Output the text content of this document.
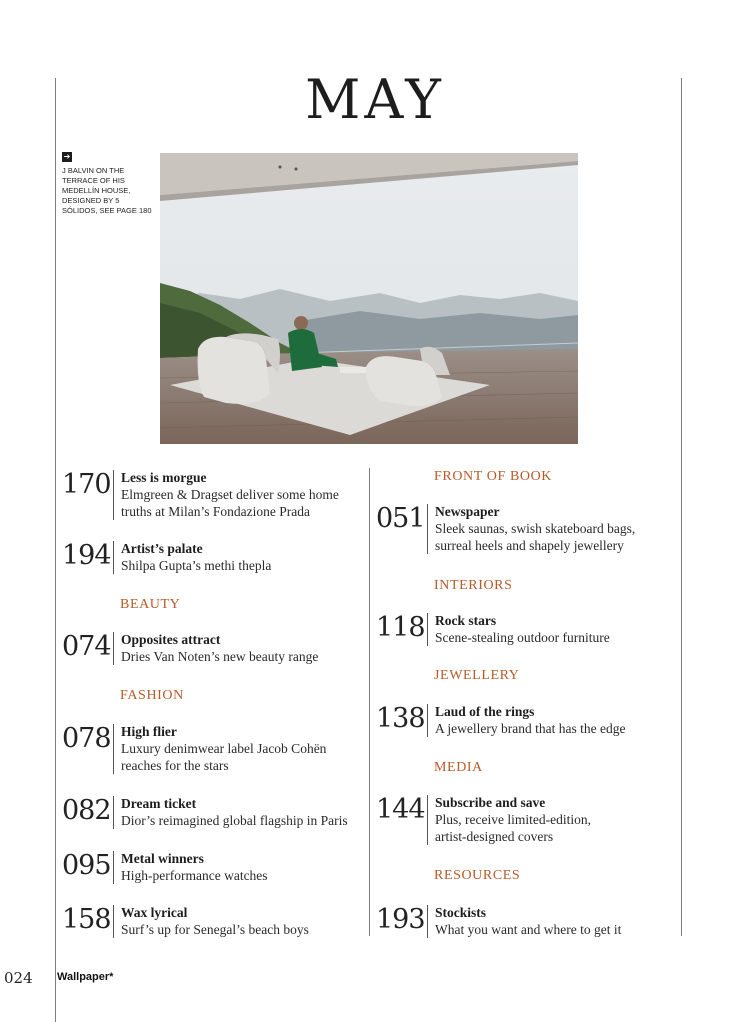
MAY
➔
J BALVIN ON THE TERRACE OF HIS MEDELLÍN HOUSE, DESIGNED BY 5 SÓLIDOS, SEE PAGE 180
170 Less is morgue
Elmgreen & Dragset deliver some home
truths at Milan’s Fondazione Prada
194 Artist’s palate
Shilpa Gupta’s methi thepla
BEAUTY
074 Opposites attract
Dries Van Noten’s new beauty range
FASHION
078 High flier
Luxury denimwear label Jacob Cohën
reaches for the stars
082 Dream ticket
Dior’s reimagined global flagship in Paris
095 Metal winners
High-performance watches
158 Wax lyrical
Surf’s up for Senegal’s beach boys
FRONT OF BOOK
051 Newspaper
Sleek saunas, swish skateboard bags,
surreal heels and shapely jewellery
INTERIORS
118 Rock stars
Scene-stealing outdoor furniture
JEWELLERY
138 Laud of the rings
A jewellery brand that has the edge
MEDIA
144 Subscribe and save
Plus, receive limited-edition,
artist-designed covers
RESOURCES
193 Stockists
What you want and where to get it
024 Wallpaper*
